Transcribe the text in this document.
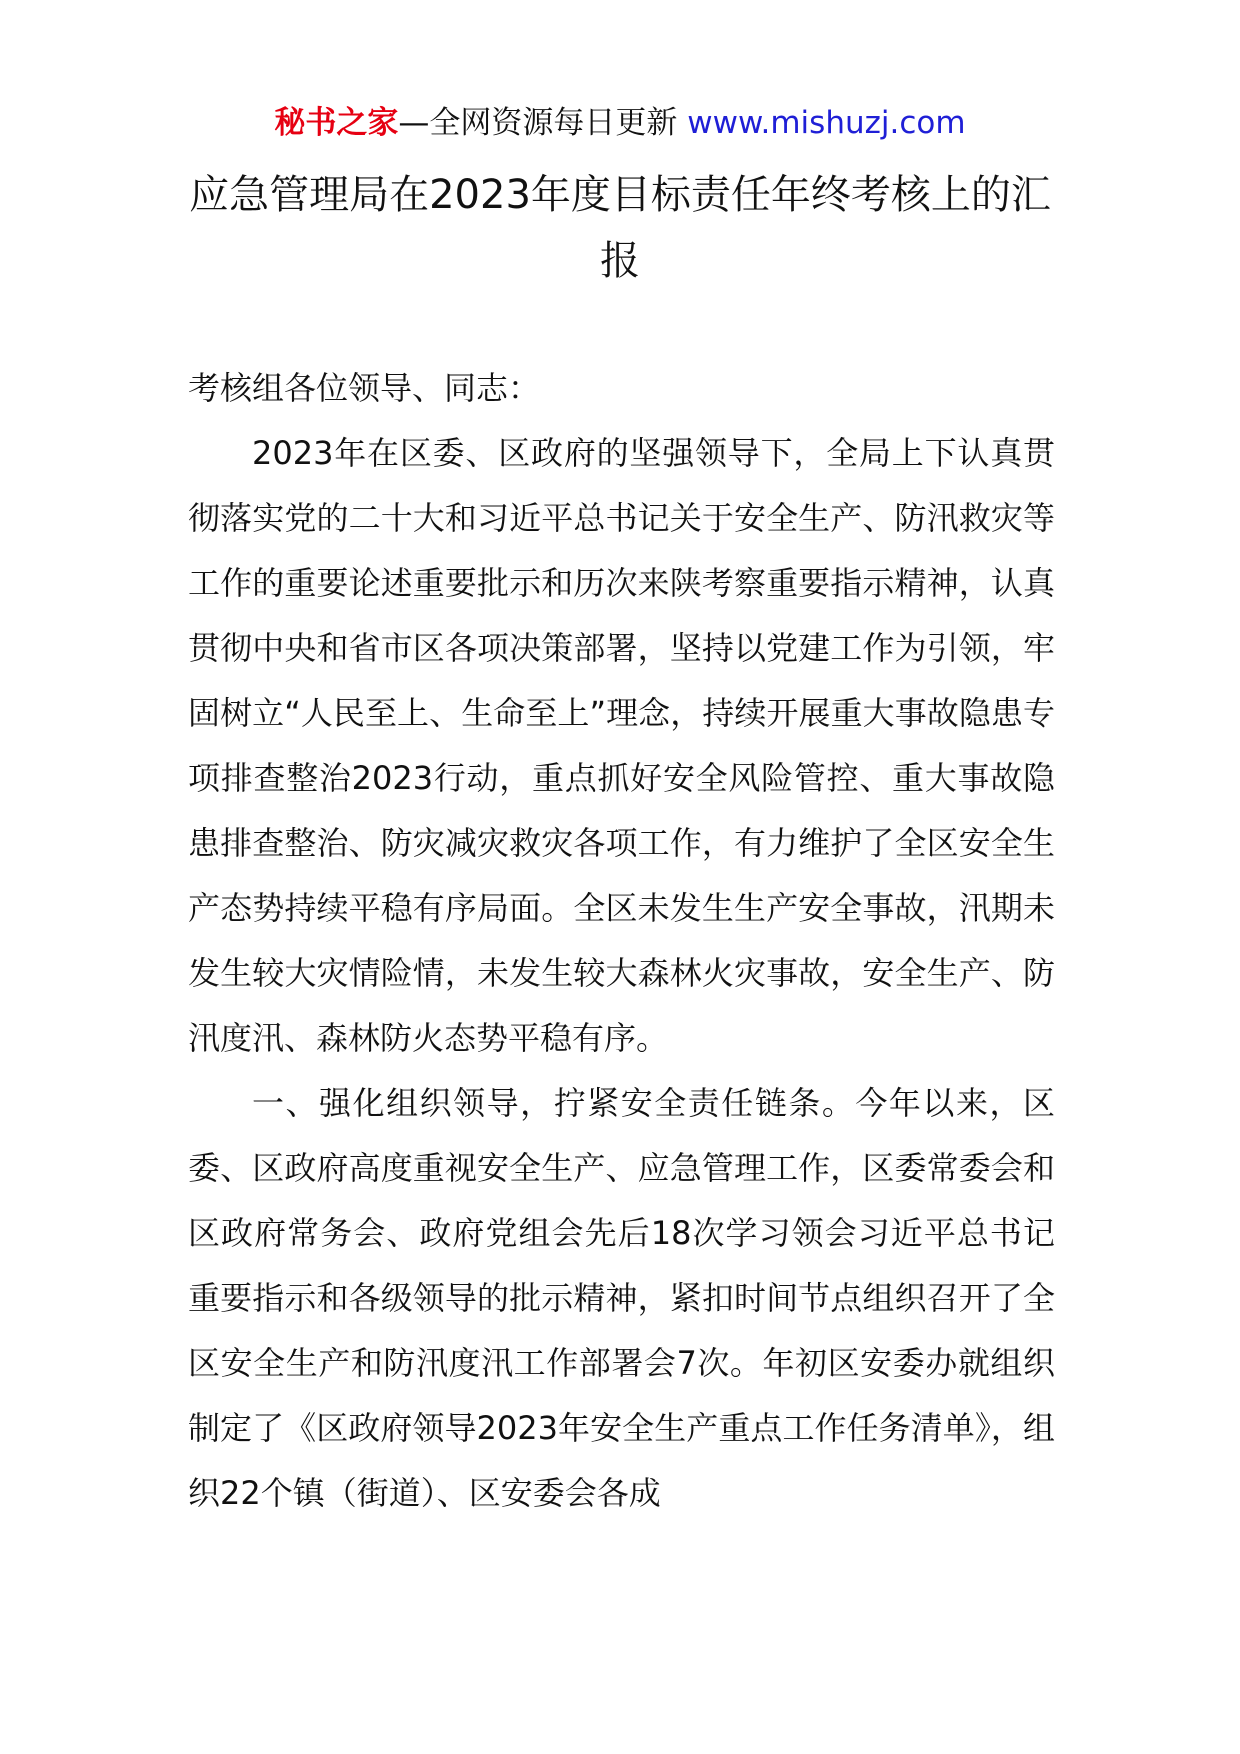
秘书之家—全网资源每日更新 www.mishuzj.com
应急管理局在2023年度目标责任年终考核上的汇报

考核组各位领导、同志：

2023年在区委、区政府的坚强领导下，全局上下认真贯彻落实党的二十大和习近平总书记关于安全生产、防汛救灾等工作的重要论述重要批示和历次来陕考察重要指示精神，认真贯彻中央和省市区各项决策部署，坚持以党建工作为引领，牢固树立“人民至上、生命至上”理念，持续开展重大事故隐患专项排查整治2023行动，重点抓好安全风险管控、重大事故隐患排查整治、防灾减灾救灾各项工作，有力维护了全区安全生产态势持续平稳有序局面。全区未发生生产安全事故，汛期未发生较大灾情险情，未发生较大森林火灾事故，安全生产、防汛度汛、森林防火态势平稳有序。

一、强化组织领导，拧紧安全责任链条。今年以来，区委、区政府高度重视安全生产、应急管理工作，区委常委会和区政府常务会、政府党组会先后18次学习领会习近平总书记重要指示和各级领导的批示精神，紧扣时间节点组织召开了全区安全生产和防汛度汛工作部署会7次。年初区安委办就组织制定了《区政府领导2023年安全生产重点工作任务清单》，组织22个镇（街道）、区安委会各成
